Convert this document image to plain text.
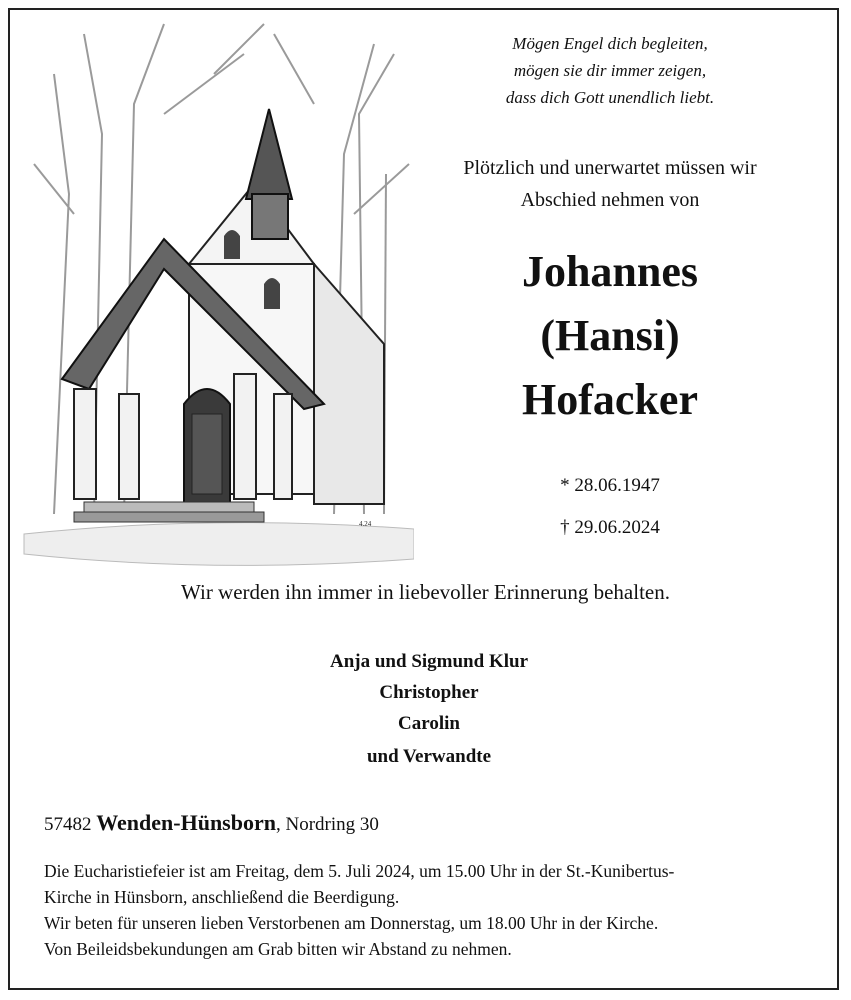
4.24
Mögen Engel dich begleiten,
mögen sie dir immer zeigen,
dass dich Gott unendlich liebt.
Plötzlich und unerwartet müssen wir
Abschied nehmen von
Johannes
(Hansi)
Hofacker
* 28.06.1947
† 29.06.2024
Wir werden ihn immer in liebevoller Erinnerung behalten.
Anja und Sigmund Klur
Christopher
Carolin
und Verwandte
57482 Wenden-Hünsborn, Nordring 30
Die Eucharistiefeier ist am Freitag, dem 5. Juli 2024, um 15.00 Uhr in der St.-Kunibertus-
Kirche in Hünsborn, anschließend die Beerdigung.
Wir beten für unseren lieben Verstorbenen am Donnerstag, um 18.00 Uhr in der Kirche.
Von Beileidsbekundungen am Grab bitten wir Abstand zu nehmen.
